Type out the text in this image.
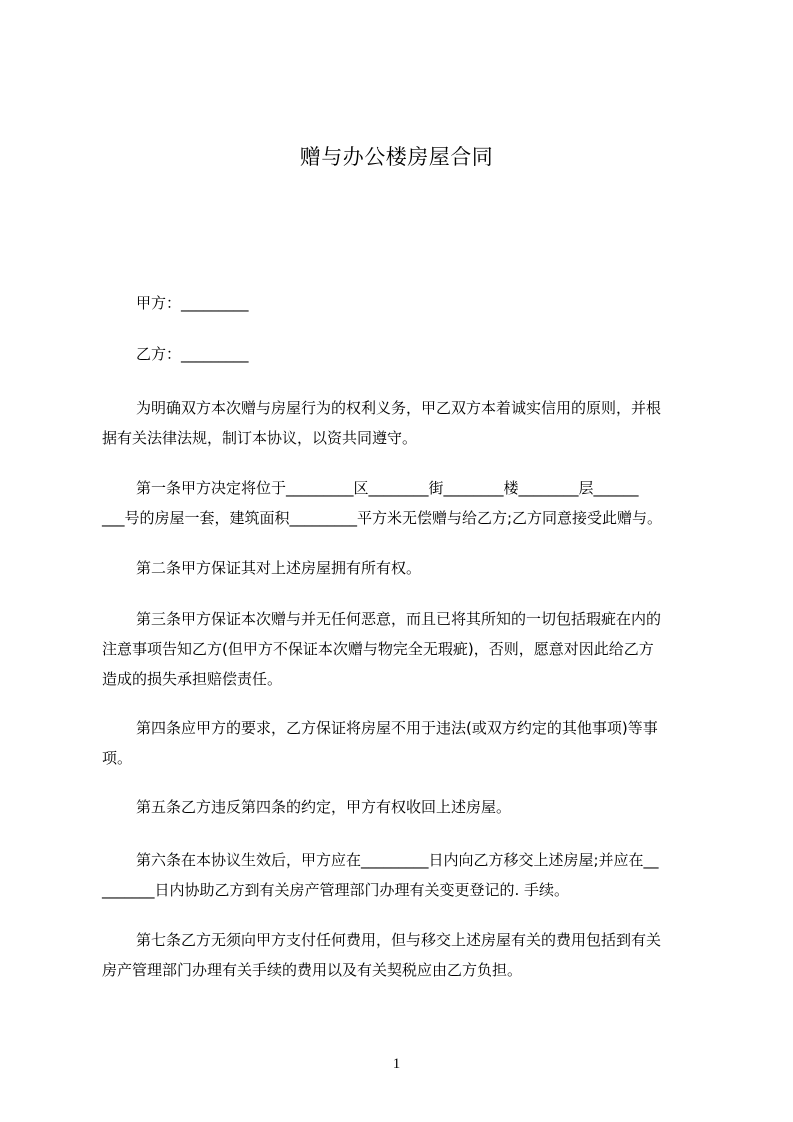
赠与办公楼房屋合同
甲方：_________
乙方：_________
为明确双方本次赠与房屋行为的权利义务，甲乙双方本着诚实信用的原则，并根
据有关法律法规，制订本协议，以资共同遵守。
第一条甲方决定将位于_________区________街________楼________层______
___号的房屋一套，建筑面积_________平方米无偿赠与给乙方;乙方同意接受此赠与。
第二条甲方保证其对上述房屋拥有所有权。
第三条甲方保证本次赠与并无任何恶意，而且已将其所知的一切包括瑕疵在内的
注意事项告知乙方(但甲方不保证本次赠与物完全无瑕疵)，否则，愿意对因此给乙方
造成的损失承担赔偿责任。
第四条应甲方的要求，乙方保证将房屋不用于违法(或双方约定的其他事项)等事
项。
第五条乙方违反第四条的约定，甲方有权收回上述房屋。
第六条在本协议生效后，甲方应在_________日内向乙方移交上述房屋;并应在__
_______日内协助乙方到有关房产管理部门办理有关变更登记的. 手续。
第七条乙方无须向甲方支付任何费用，但与移交上述房屋有关的费用包括到有关
房产管理部门办理有关手续的费用以及有关契税应由乙方负担。
1
